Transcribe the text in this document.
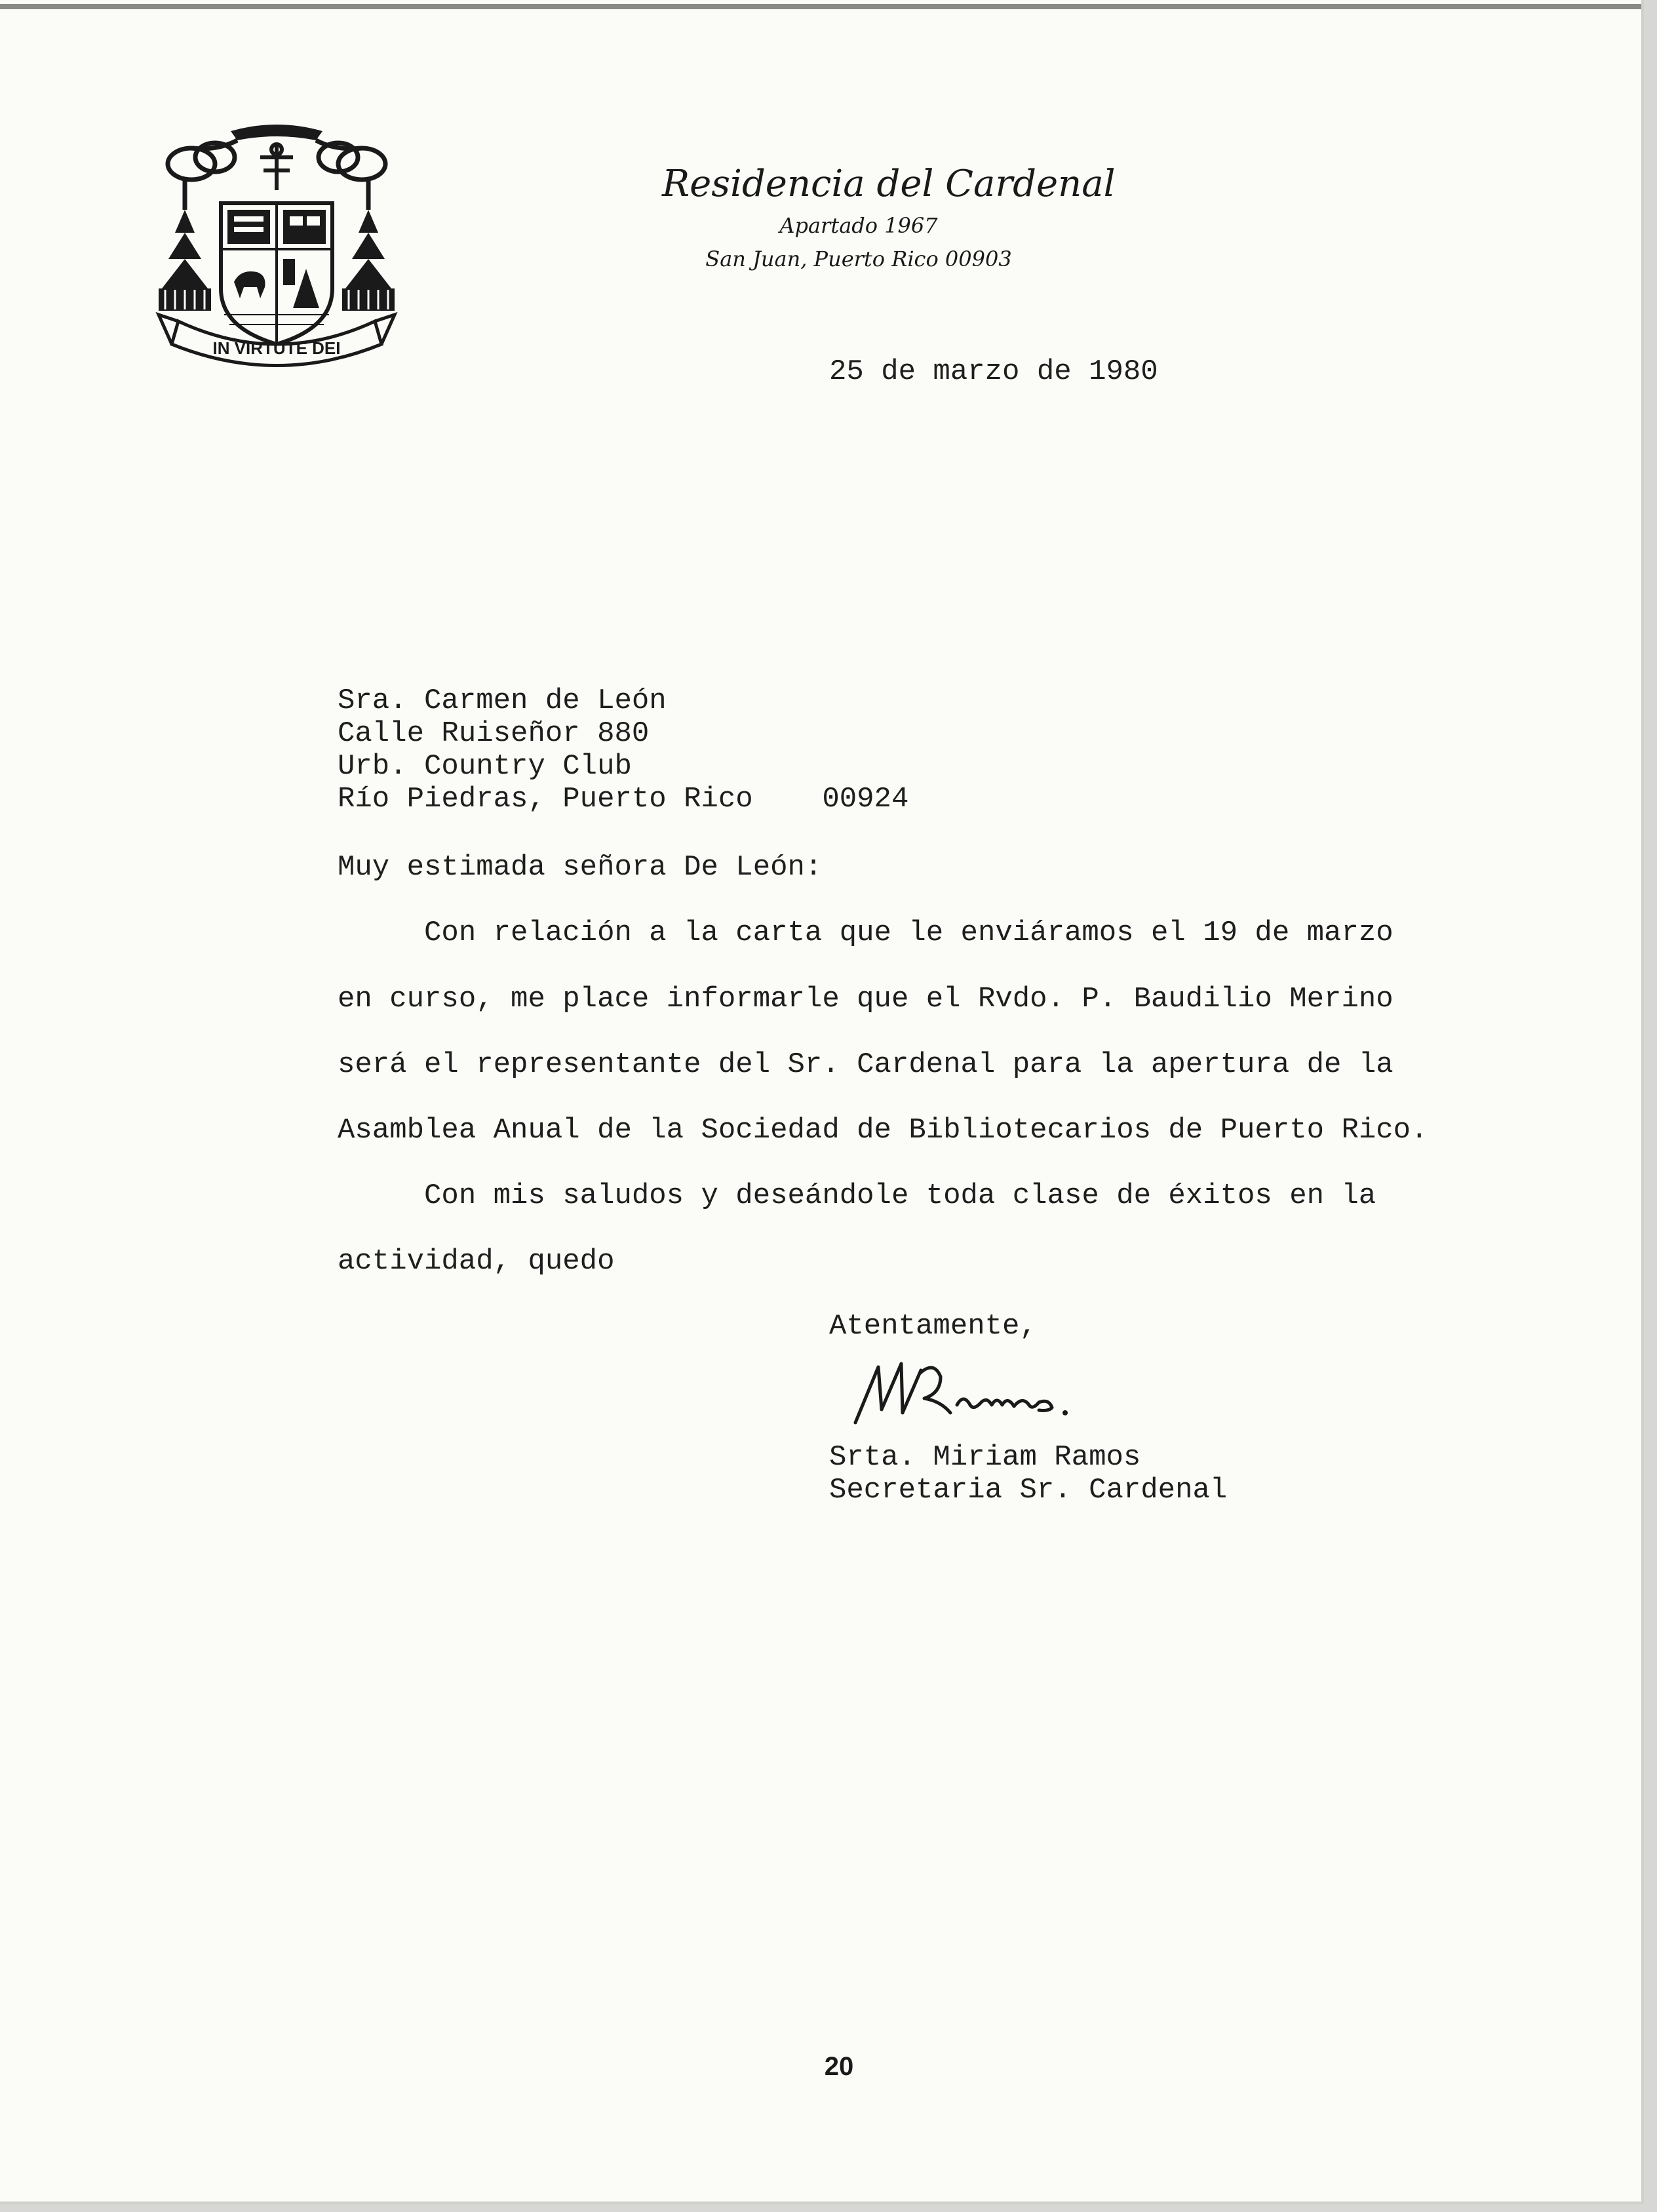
IN VIRTUTE DEI

Residencia del Cardenal

Apartado 1967

San Juan, Puerto Rico 00903

25 de marzo de 1980

Sra. Carmen de León

Calle Ruiseñor 880

Urb. Country Club

Río Piedras, Puerto Rico    00924

Muy estimada señora De León:

Con relación a la carta que le enviáramos el 19 de marzo

en curso, me place informarle que el Rvdo. P. Baudilio Merino

será el representante del Sr. Cardenal para la apertura de la

Asamblea Anual de la Sociedad de Bibliotecarios de Puerto Rico.

Con mis saludos y deseándole toda clase de éxitos en la

actividad, quedo

Atentamente,

Srta. Miriam Ramos

Secretaria Sr. Cardenal

20
